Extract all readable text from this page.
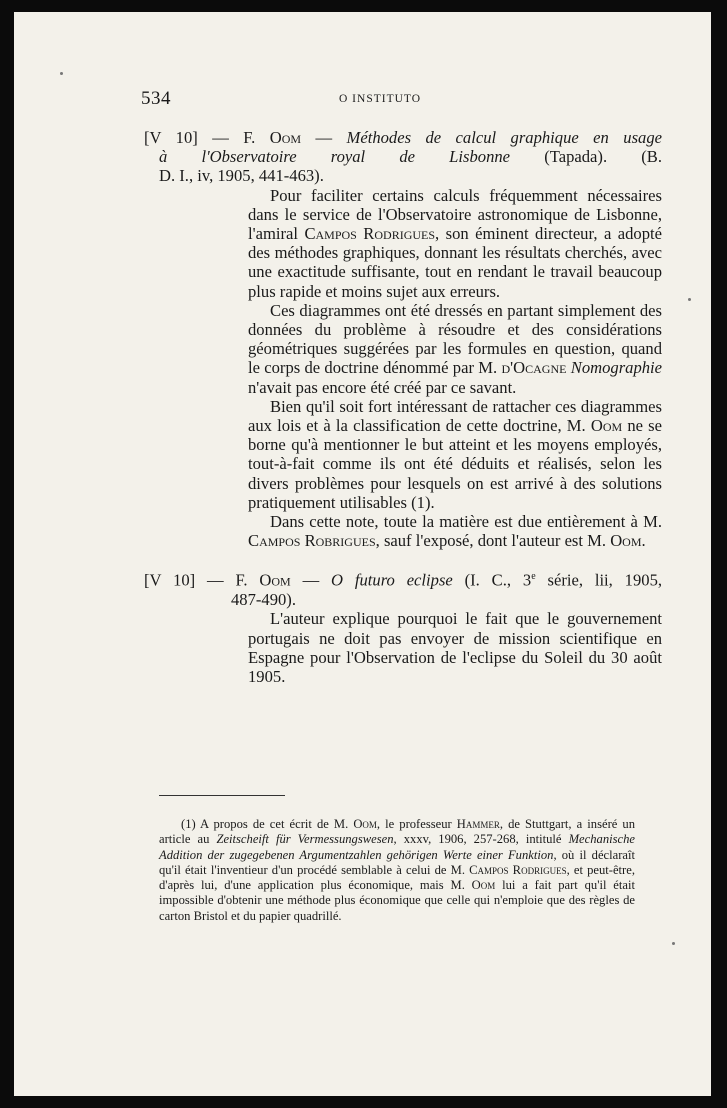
534	O INSTITUTO
[V 10] — F. Oom — Méthodes de calcul graphique en usage
à l'Observatoire royal de Lisbonne (Tapada). (B.
D. I., iv, 1905, 441-463).

Pour faciliter certains calculs fréquemment nécessaires dans le service de l'Observatoire astronomique de Lisbonne, l'amiral Campos Rodrigues, son éminent directeur, a adopté des méthodes graphiques, donnant les résultats cherchés, avec une exactitude suffisante, tout en rendant le travail beaucoup plus rapide et moins sujet aux erreurs.

Ces diagrammes ont été dressés en partant simplement des données du problème à résoudre et des considérations géométriques suggérées par les formules en question, quand le corps de doctrine dénommé par M. d'Ocagne Nomographie n'avait pas encore été créé par ce savant.

Bien qu'il soit fort intéressant de rattacher ces diagrammes aux lois et à la classification de cette doctrine, M. Oom ne se borne qu'à mentionner le but atteint et les moyens employés, tout-à-fait comme ils ont été déduits et réalisés, selon les divers problèmes pour lesquels on est arrivé à des solutions pratiquement utilisables (1).

Dans cette note, toute la matière est due entièrement à M. Campos Robrigues, sauf l'exposé, dont l'auteur est M. Oom.

[V 10] — F. Oom — O futuro eclipse (I. C., 3e série, lii, 1905,
487-490).

L'auteur explique pourquoi le fait que le gouvernement portugais ne doit pas envoyer de mission scientifique en Espagne pour l'Observation de l'eclipse du Soleil du 30 août 1905.

(1) A propos de cet écrit de M. Oom, le professeur Hammer, de Stuttgart, a inséré un article au Zeitscheift für Vermessungswesen, xxxv, 1906, 257-268, intitulé Mechanische Addition der zugegebenen Argumentzahlen gehörigen Werte einer Funktion, où il déclaraît qu'il était l'inventieur d'un procédé semblable à celui de M. Campos Rodrigues, et peut-être, d'après lui, d'une application plus économique, mais M. Oom lui a fait part qu'il était impossible d'obtenir une méthode plus économique que celle qui n'emploie que des règles de carton Bristol et du papier quadrillé.
